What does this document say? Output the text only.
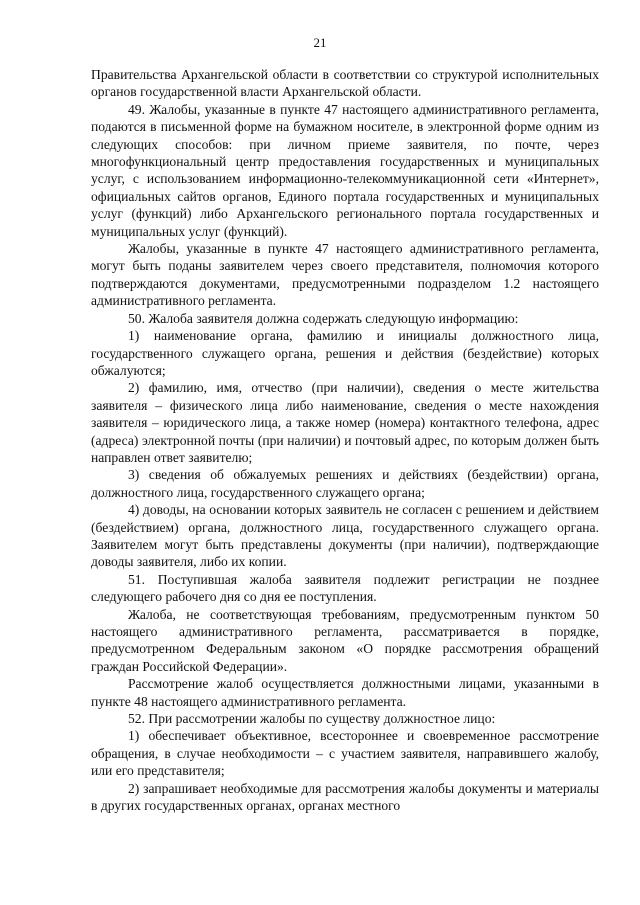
21

Правительства Архангельской области в соответствии со структурой исполнительных органов государственной власти Архангельской области.

49. Жалобы, указанные в пункте 47 настоящего административного регламента, подаются в письменной форме на бумажном носителе, в электронной форме одним из следующих способов: при личном приеме заявителя, по почте, через многофункциональный центр предоставления государственных и муниципальных услуг, с использованием информационно-телекоммуникационной сети «Интернет», официальных сайтов органов, Единого портала государственных и муниципальных услуг (функций) либо Архангельского регионального портала государственных и муниципальных услуг (функций).

Жалобы, указанные в пункте 47 настоящего административного регламента, могут быть поданы заявителем через своего представителя, полномочия которого подтверждаются документами, предусмотренными подразделом 1.2 настоящего административного регламента.

50. Жалоба заявителя должна содержать следующую информацию:

1) наименование органа, фамилию и инициалы должностного лица, государственного служащего органа, решения и действия (бездействие) которых обжалуются;

2) фамилию, имя, отчество (при наличии), сведения о месте жительства заявителя – физического лица либо наименование, сведения о месте нахождения заявителя – юридического лица, а также номер (номера) контактного телефона, адрес (адреса) электронной почты (при наличии) и почтовый адрес, по которым должен быть направлен ответ заявителю;

3) сведения об обжалуемых решениях и действиях (бездействии) органа, должностного лица, государственного служащего органа;

4) доводы, на основании которых заявитель не согласен с решением и действием (бездействием) органа, должностного лица, государственного служащего органа. Заявителем могут быть представлены документы (при наличии), подтверждающие доводы заявителя, либо их копии.

51. Поступившая жалоба заявителя подлежит регистрации не позднее следующего рабочего дня со дня ее поступления.

Жалоба, не соответствующая требованиям, предусмотренным пунктом 50 настоящего административного регламента, рассматривается в порядке, предусмотренном Федеральным законом «О порядке рассмотрения обращений граждан Российской Федерации».

Рассмотрение жалоб осуществляется должностными лицами, указанными в пункте 48 настоящего административного регламента.

52. При рассмотрении жалобы по существу должностное лицо:

1) обеспечивает объективное, всестороннее и своевременное рассмотрение обращения, в случае необходимости – с участием заявителя, направившего жалобу, или его представителя;

2) запрашивает необходимые для рассмотрения жалобы документы и материалы в других государственных органах, органах местного
